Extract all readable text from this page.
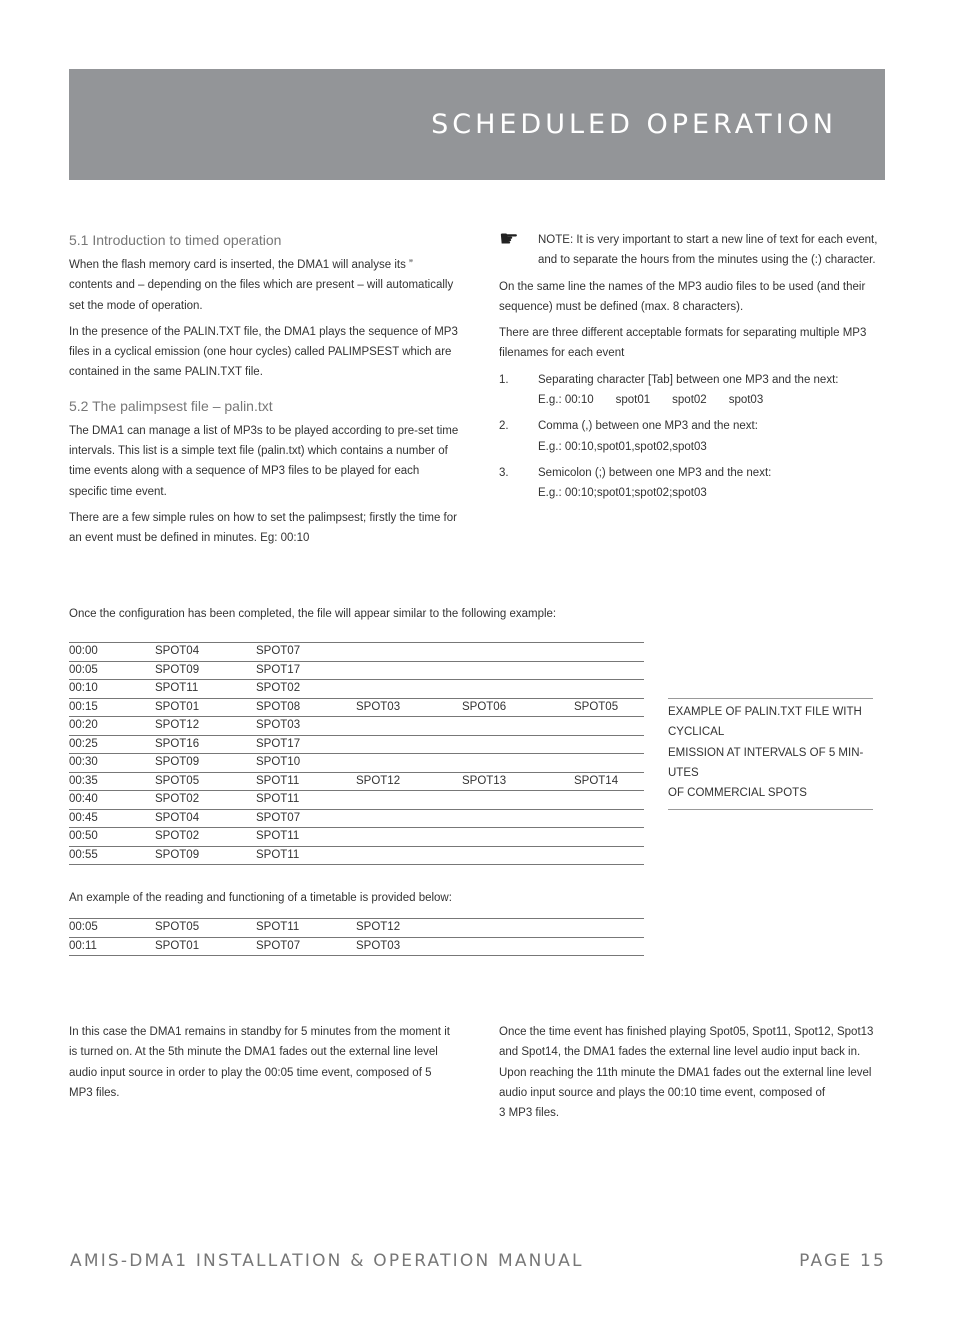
SCHEDULED OPERATION
5.1 Introduction to timed operation

When the flash memory card is inserted, the DMA1 will analyse its ” contents and – depending on the files which are present – will automatically set the mode of operation.

In the presence of the PALIN.TXT file, the DMA1 plays the sequence of MP3 files in a cyclical emission (one hour cycles) called PALIMPSEST which are contained in the same PALIN.TXT file.

5.2 The palimpsest file – palin.txt

The DMA1 can manage a list of MP3s to be played according to pre-set time intervals. This list is a simple text file (palin.txt) which contains a number of time events along with a sequence of MP3 files to be played for each specific time event.

There are a few simple rules on how to set the palimpsest; firstly the time for an event must be defined in minutes. Eg: 00:10

☛ NOTE: It is very important to start a new line of text for each event, and to separate the hours from the minutes using the (:) character.

On the same line the names of the MP3 audio files to be used (and their sequence) must be defined (max. 8 characters).

There are three different acceptable formats for separating multiple MP3 filenames for each event

1.	Separating character [Tab] between one MP3 and the next:
E.g.: 00:10 spot01 spot02 spot03
2.	Comma (,) between one MP3 and the next:
E.g.: 00:10,spot01,spot02,spot03
3.	Semicolon (;) between one MP3 and the next:
E.g.: 00:10;spot01;spot02;spot03
Once the configuration has been completed, the file will appear similar to the following example:
00:00	SPOT04	SPOT07			
00:05	SPOT09	SPOT17			
00:10	SPOT11	SPOT02			
00:15	SPOT01	SPOT08	SPOT03	SPOT06	SPOT05
00:20	SPOT12	SPOT03			
00:25	SPOT16	SPOT17			
00:30	SPOT09	SPOT10			
00:35	SPOT05	SPOT11	SPOT12	SPOT13	SPOT14
00:40	SPOT02	SPOT11			
00:45	SPOT04	SPOT07			
00:50	SPOT02	SPOT11			
00:55	SPOT09	SPOT11			
EXAMPLE OF PALIN.TXT FILE WITH
CYCLICAL
EMISSION AT INTERVALS OF 5 MIN-
UTES
OF COMMERCIAL SPOTS
An example of the reading and functioning of a timetable is provided below:
00:05	SPOT05	SPOT11	SPOT12		
00:11	SPOT01	SPOT07	SPOT03		

In this case the DMA1 remains in standby for 5 minutes from the moment it is turned on. At the 5th minute the DMA1 fades out the external line level audio input source in order to play the 00:05 time event, composed of 5 MP3 files.

Once the time event has finished playing Spot05, Spot11, Spot12, Spot13 and Spot14, the DMA1 fades the external line level audio input back in. Upon reaching the 11th minute the DMA1 fades out the external line level audio input source and plays the 00:10 time event, composed of
3 MP3 files.
AMIS-DMA1 INSTALLATION & OPERATION MANUAL	PAGE 15
